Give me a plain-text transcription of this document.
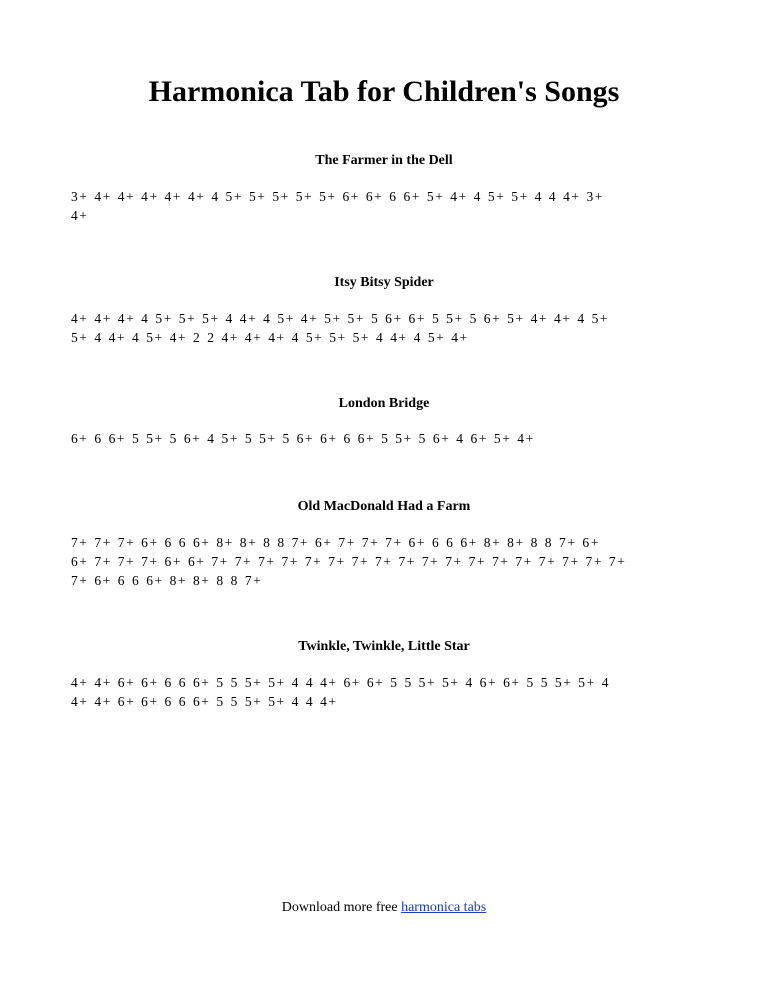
Harmonica Tab for Children's Songs
The Farmer in the Dell
3+ 4+ 4+ 4+ 4+ 4+ 4 5+ 5+ 5+ 5+ 5+ 6+ 6+ 6 6+ 5+ 4+ 4 5+ 5+ 4 4 4+ 3+
4+
Itsy Bitsy Spider
4+ 4+ 4+ 4 5+ 5+ 5+ 4 4+ 4 5+ 4+ 5+ 5+ 5 6+ 6+ 5 5+ 5 6+ 5+ 4+ 4+ 4 5+
5+ 4 4+ 4 5+ 4+ 2 2 4+ 4+ 4+ 4 5+ 5+ 5+ 4 4+ 4 5+ 4+
London Bridge
6+ 6 6+ 5 5+ 5 6+ 4 5+ 5 5+ 5 6+ 6+ 6 6+ 5 5+ 5 6+ 4 6+ 5+ 4+
Old MacDonald Had a Farm
7+ 7+ 7+ 6+ 6 6 6+ 8+ 8+ 8 8 7+ 6+ 7+ 7+ 7+ 6+ 6 6 6+ 8+ 8+ 8 8 7+ 6+
6+ 7+ 7+ 7+ 6+ 6+ 7+ 7+ 7+ 7+ 7+ 7+ 7+ 7+ 7+ 7+ 7+ 7+ 7+ 7+ 7+ 7+ 7+ 7+
7+ 6+ 6 6 6+ 8+ 8+ 8 8 7+
Twinkle, Twinkle, Little Star
4+ 4+ 6+ 6+ 6 6 6+ 5 5 5+ 5+ 4 4 4+ 6+ 6+ 5 5 5+ 5+ 4 6+ 6+ 5 5 5+ 5+ 4
4+ 4+ 6+ 6+ 6 6 6+ 5 5 5+ 5+ 4 4 4+
Download more free harmonica tabs
